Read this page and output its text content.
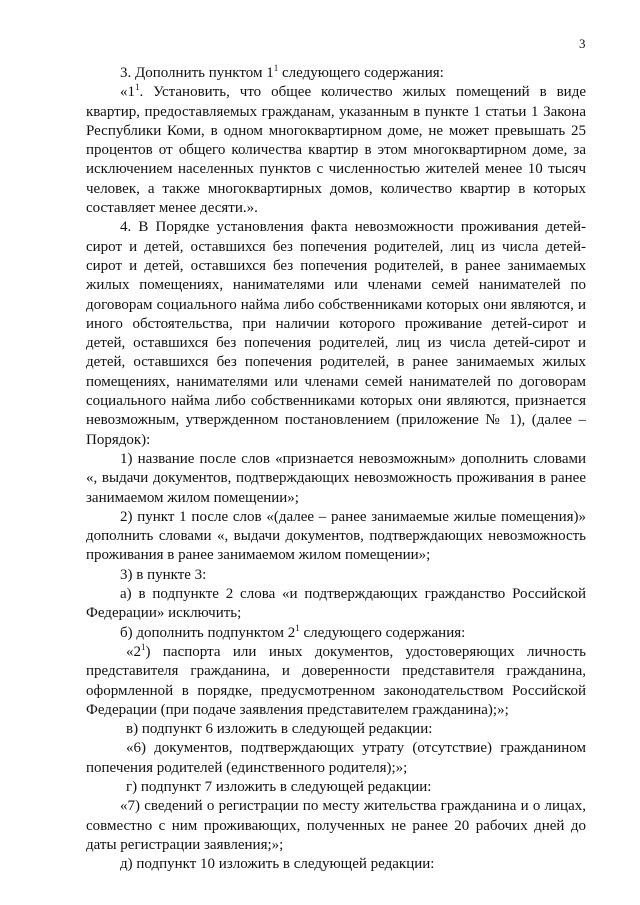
3

3. Дополнить пунктом $1^1$ следующего содержания:

«$1^1$. Установить, что общее количество жилых помещений в виде квартир, предоставляемых гражданам, указанным в пункте 1 статьи 1 Закона Республики Коми, в одном многоквартирном доме, не может превышать 25 процентов от общего количества квартир в этом многоквартирном доме, за исключением населенных пунктов с численностью жителей менее 10 тысяч человек, а также многоквартирных домов, количество квартир в которых составляет менее десяти.».

4. В Порядке установления факта невозможности проживания детей-сирот и детей, оставшихся без попечения родителей, лиц из числа детей-сирот и детей, оставшихся без попечения родителей, в ранее занимаемых жилых помещениях, нанимателями или членами семей нанимателей по договорам социального найма либо собственниками которых они являются, и иного обстоятельства, при наличии которого проживание детей-сирот и детей, оставшихся без попечения родителей, лиц из числа детей-сирот и детей, оставшихся без попечения родителей, в ранее занимаемых жилых помещениях, нанимателями или членами семей нанимателей по договорам социального найма либо собственниками которых они являются, признается невозможным, утвержденном постановлением (приложение № 1), (далее – Порядок):

1) название после слов «признается невозможным» дополнить словами «, выдачи документов, подтверждающих невозможность проживания в ранее занимаемом жилом помещении»;

2) пункт 1 после слов «(далее – ранее занимаемые жилые помещения)» дополнить словами «, выдачи документов, подтверждающих невозможность проживания в ранее занимаемом жилом помещении»;

3) в пункте 3:

а) в подпункте 2 слова «и подтверждающих гражданство Российской Федерации» исключить;

б) дополнить подпунктом $2^1$ следующего содержания:

«$2^1$) паспорта или иных документов, удостоверяющих личность представителя гражданина, и доверенности представителя гражданина, оформленной в порядке, предусмотренном законодательством Российской Федерации (при подаче заявления представителем гражданина);»;

в) подпункт 6 изложить в следующей редакции:

«6) документов, подтверждающих утрату (отсутствие) гражданином попечения родителей (единственного родителя);»;

г) подпункт 7 изложить в следующей редакции:

«7) сведений о регистрации по месту жительства гражданина и о лицах, совместно с ним проживающих, полученных не ранее 20 рабочих дней до даты регистрации заявления;»;

д) подпункт 10 изложить в следующей редакции:
